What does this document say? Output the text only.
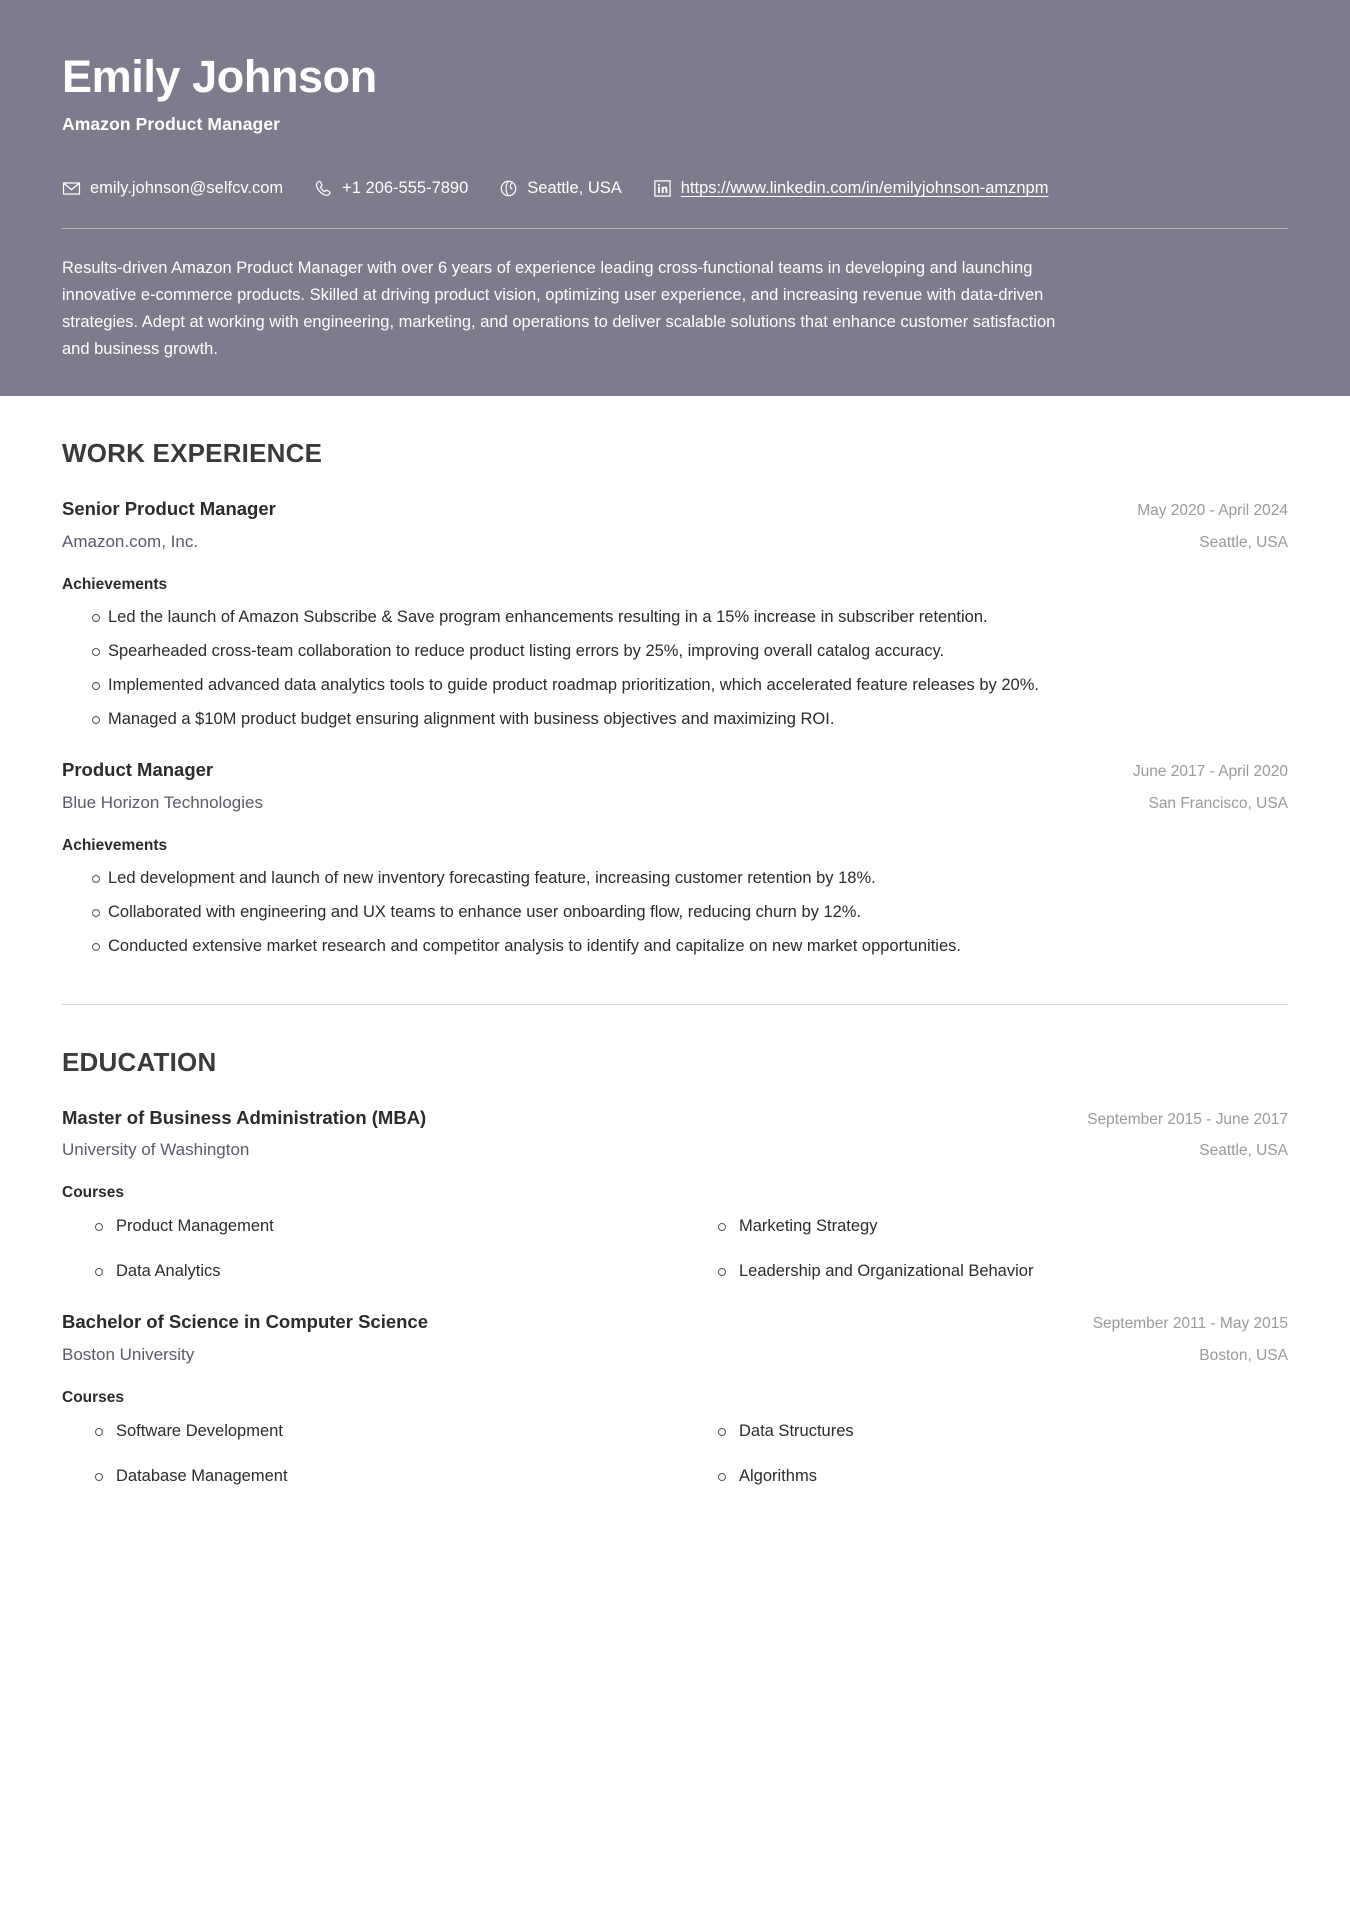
Emily Johnson
Amazon Product Manager
emily.johnson@selfcv.com	+1 206-555-7890	Seattle, USA	https://www.linkedin.com/in/emilyjohnson-amznpm
Results-driven Amazon Product Manager with over 6 years of experience leading cross-functional teams in developing and launching innovative e-commerce products. Skilled at driving product vision, optimizing user experience, and increasing revenue with data-driven strategies. Adept at working with engineering, marketing, and operations to deliver scalable solutions that enhance customer satisfaction and business growth.
WORK EXPERIENCE
Senior Product Manager	May 2020 - April 2024
Amazon.com, Inc.	Seattle, USA
Achievements
Led the launch of Amazon Subscribe & Save program enhancements resulting in a 15% increase in subscriber retention.
Spearheaded cross-team collaboration to reduce product listing errors by 25%, improving overall catalog accuracy.
Implemented advanced data analytics tools to guide product roadmap prioritization, which accelerated feature releases by 20%.
Managed a $10M product budget ensuring alignment with business objectives and maximizing ROI.
Product Manager	June 2017 - April 2020
Blue Horizon Technologies	San Francisco, USA
Achievements
Led development and launch of new inventory forecasting feature, increasing customer retention by 18%.
Collaborated with engineering and UX teams to enhance user onboarding flow, reducing churn by 12%.
Conducted extensive market research and competitor analysis to identify and capitalize on new market opportunities.
EDUCATION
Master of Business Administration (MBA)	September 2015 - June 2017
University of Washington	Seattle, USA
Courses
Product Management	Marketing Strategy
Data Analytics	Leadership and Organizational Behavior
Bachelor of Science in Computer Science	September 2011 - May 2015
Boston University	Boston, USA
Courses
Software Development	Data Structures
Database Management	Algorithms
